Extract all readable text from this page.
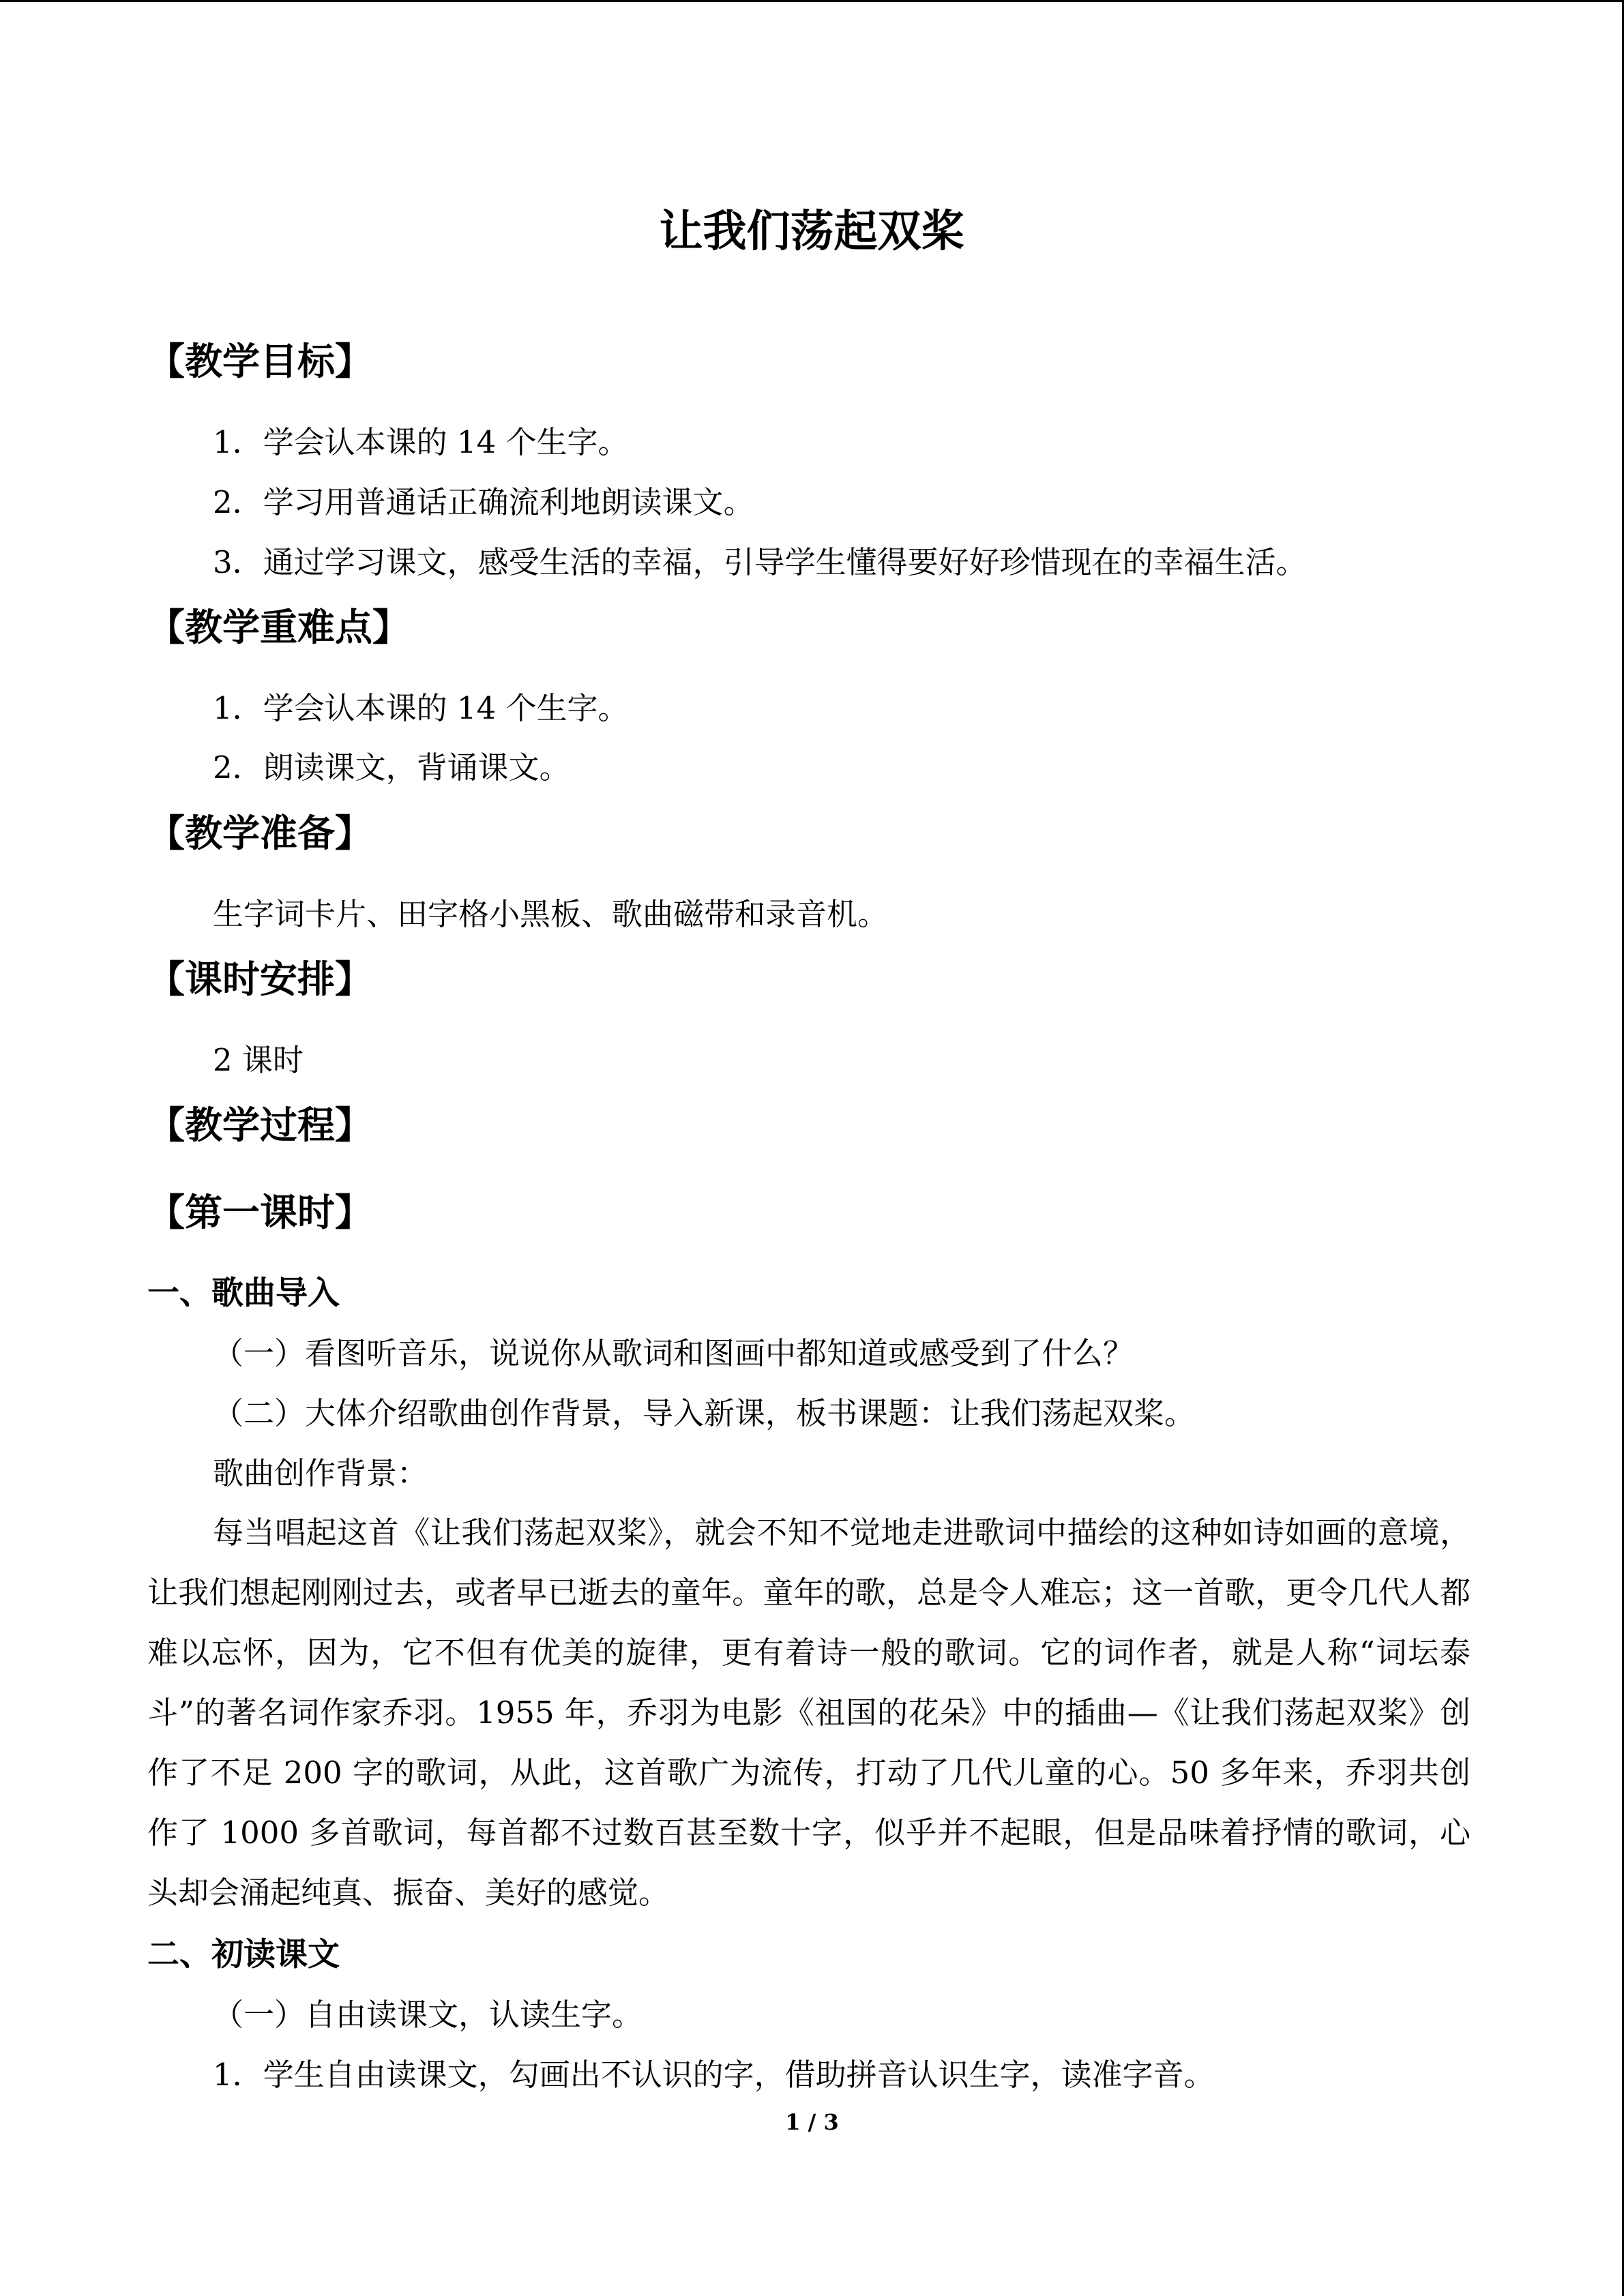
让我们荡起双桨
【教学目标】
1．学会认本课的 14 个生字。
2．学习用普通话正确流利地朗读课文。
3．通过学习课文，感受生活的幸福，引导学生懂得要好好珍惜现在的幸福生活。
【教学重难点】
1．学会认本课的 14 个生字。
2．朗读课文，背诵课文。
【教学准备】
生字词卡片、田字格小黑板、歌曲磁带和录音机。
【课时安排】
2 课时
【教学过程】
【第一课时】
一、歌曲导入
（一）看图听音乐，说说你从歌词和图画中都知道或感受到了什么？
（二）大体介绍歌曲创作背景，导入新课，板书课题：让我们荡起双桨。
歌曲创作背景：
每当唱起这首《让我们荡起双桨》，就会不知不觉地走进歌词中描绘的这种如诗如画的意境，让我们想起刚刚过去，或者早已逝去的童年。童年的歌，总是令人难忘；这一首歌，更令几代人都难以忘怀，因为，它不但有优美的旋律，更有着诗一般的歌词。它的词作者，就是人称“词坛泰斗”的著名词作家乔羽。1955 年，乔羽为电影《祖国的花朵》中的插曲—《让我们荡起双桨》创作了不足 200 字的歌词，从此，这首歌广为流传，打动了几代儿童的心。50 多年来，乔羽共创作了 1000 多首歌词，每首都不过数百甚至数十字，似乎并不起眼，但是品味着抒情的歌词，心头却会涌起纯真、振奋、美好的感觉。
二、初读课文
（一）自由读课文，认读生字。
1．学生自由读课文，勾画出不认识的字，借助拼音认识生字，读准字音。
1 / 3
